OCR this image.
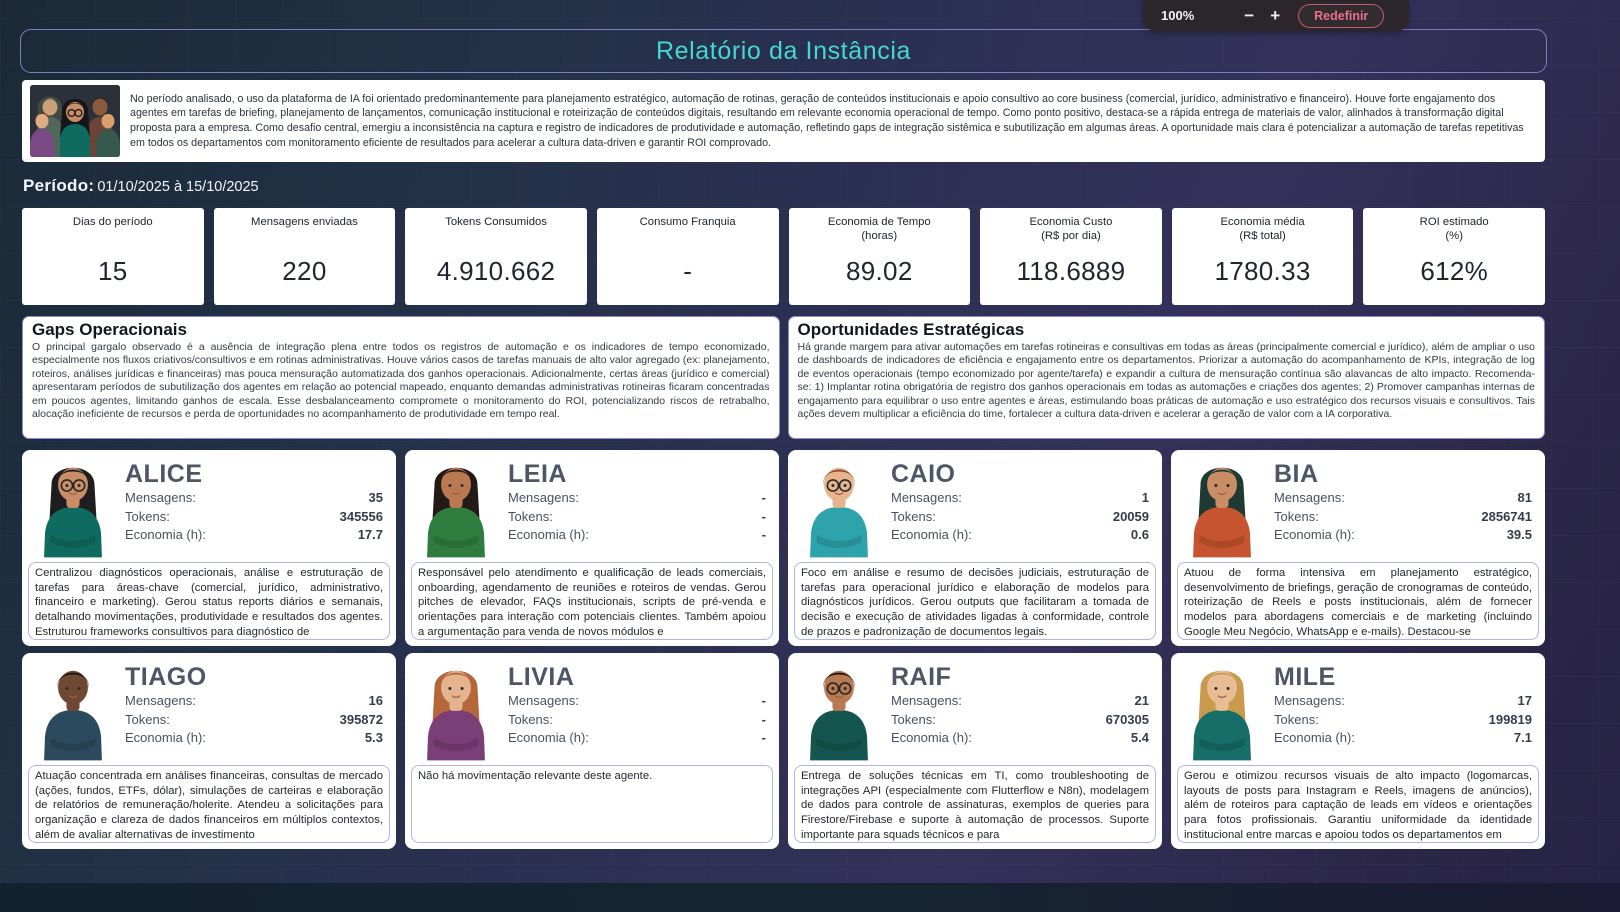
100%	− +	Redefinir
Relatório da Instância
No período analisado, o uso da plataforma de IA foi orientado predominantemente para planejamento estratégico, automação de rotinas, geração de conteúdos institucionais e apoio consultivo ao core business (comercial, jurídico, administrativo e financeiro). Houve forte engajamento dos agentes em tarefas de briefing, planejamento de lançamentos, comunicação institucional e roteirização de conteúdos digitais, resultando em relevante economia operacional de tempo. Como ponto positivo, destaca-se a rápida entrega de materiais de valor, alinhados à transformação digital proposta para a empresa. Como desafio central, emergiu a inconsistência na captura e registro de indicadores de produtividade e automação, refletindo gaps de integração sistêmica e subutilização em algumas áreas. A oportunidade mais clara é potencializar a automação de tarefas repetitivas em todos os departamentos com monitoramento eficiente de resultados para acelerar a cultura data-driven e garantir ROI comprovado.
Período: 01/10/2025 à 15/10/2025
Dias do período

15
Mensagens enviadas

220
Tokens Consumidos

4.910.662
Consumo Franquia

-
Economia de Tempo
(horas)
89.02
Economia Custo
(R$ por dia)
118.6889
Economia média
(R$ total)
1780.33
ROI estimado
(%)
612%
Gaps Operacionais
O principal gargalo observado é a ausência de integração plena entre todos os registros de automação e os indicadores de tempo economizado, especialmente nos fluxos criativos/consultivos e em rotinas administrativas. Houve vários casos de tarefas manuais de alto valor agregado (ex: planejamento, roteiros, análises jurídicas e financeiras) mas pouca mensuração automatizada dos ganhos operacionais. Adicionalmente, certas áreas (jurídico e comercial) apresentaram períodos de subutilização dos agentes em relação ao potencial mapeado, enquanto demandas administrativas rotineiras ficaram concentradas em poucos agentes, limitando ganhos de escala. Esse desbalanceamento compromete o monitoramento do ROI, potencializando riscos de retrabalho, alocação ineficiente de recursos e perda de oportunidades no acompanhamento de produtividade em tempo real.
Oportunidades Estratégicas
Há grande margem para ativar automações em tarefas rotineiras e consultivas em todas as áreas (principalmente comercial e jurídico), além de ampliar o uso de dashboards de indicadores de eficiência e engajamento entre os departamentos. Priorizar a automação do acompanhamento de KPIs, integração de log de eventos operacionais (tempo economizado por agente/tarefa) e expandir a cultura de mensuração contínua são alavancas de alto impacto. Recomenda-se: 1) Implantar rotina obrigatória de registro dos ganhos operacionais em todas as automações e criações dos agentes; 2) Promover campanhas internas de engajamento para equilibrar o uso entre agentes e áreas, estimulando boas práticas de automação e uso estratégico dos recursos visuais e consultivos. Tais ações devem multiplicar a eficiência do time, fortalecer a cultura data-driven e acelerar a geração de valor com a IA corporativa.
ALICE
Mensagens:	35
Tokens:	345556
Economia (h):	17.7
Centralizou diagnósticos operacionais, análise e estruturação de tarefas para áreas-chave (comercial, jurídico, administrativo, financeiro e marketing). Gerou status reports diários e semanais, detalhando movimentações, produtividade e resultados dos agentes. Estruturou frameworks consultivos para diagnóstico de
LEIA
Mensagens:	-
Tokens:	-
Economia (h):	-
Responsável pelo atendimento e qualificação de leads comerciais, onboarding, agendamento de reuniões e roteiros de vendas. Gerou pitches de elevador, FAQs institucionais, scripts de pré-venda e orientações para interação com potenciais clientes. Também apoiou a argumentação para venda de novos módulos e
CAIO
Mensagens:	1
Tokens:	20059
Economia (h):	0.6
Foco em análise e resumo de decisões judiciais, estruturação de tarefas para operacional jurídico e elaboração de modelos para diagnósticos jurídicos. Gerou outputs que facilitaram a tomada de decisão e execução de atividades ligadas à conformidade, controle de prazos e padronização de documentos legais.
BIA
Mensagens:	81
Tokens:	2856741
Economia (h):	39.5
Atuou de forma intensiva em planejamento estratégico, desenvolvimento de briefings, geração de cronogramas de conteúdo, roteirização de Reels e posts institucionais, além de fornecer modelos para abordagens comerciais e de marketing (incluindo Google Meu Negócio, WhatsApp e e-mails). Destacou-se
TIAGO
Mensagens:	16
Tokens:	395872
Economia (h):	5.3
Atuação concentrada em análises financeiras, consultas de mercado (ações, fundos, ETFs, dólar), simulações de carteiras e elaboração de relatórios de remuneração/holerite. Atendeu a solicitações para organização e clareza de dados financeiros em múltiplos contextos, além de avaliar alternativas de investimento
LIVIA
Mensagens:	-
Tokens:	-
Economia (h):	-
Não há movimentação relevante deste agente.
RAIF
Mensagens:	21
Tokens:	670305
Economia (h):	5.4
Entrega de soluções técnicas em TI, como troubleshooting de integrações API (especialmente com Flutterflow e N8n), modelagem de dados para controle de assinaturas, exemplos de queries para Firestore/Firebase e suporte à automação de processos. Suporte importante para squads técnicos e para
MILE
Mensagens:	17
Tokens:	199819
Economia (h):	7.1
Gerou e otimizou recursos visuais de alto impacto (logomarcas, layouts de posts para Instagram e Reels, imagens de anúncios), além de roteiros para captação de leads em vídeos e orientações para fotos profissionais. Garantiu uniformidade da identidade institucional entre marcas e apoiou todos os departamentos em
